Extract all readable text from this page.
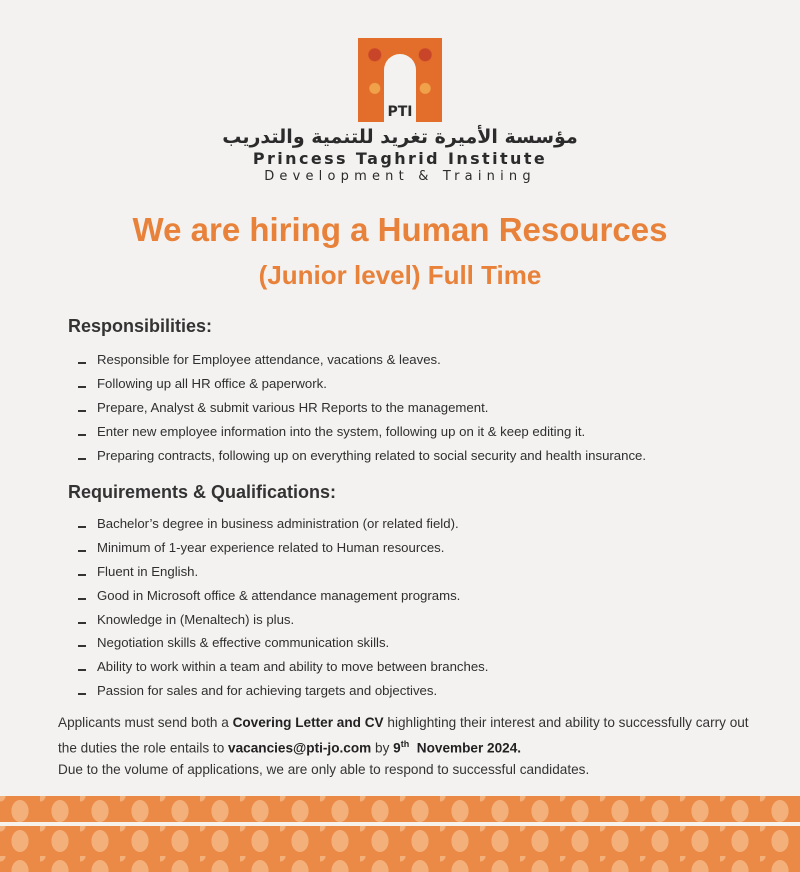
PTI
مؤسسة الأميرة تغريد للتنمية والتدريب
Princess Taghrid Institute
Development & Training
We are hiring a Human Resources
(Junior level) Full Time
Responsibilities:
Responsible for Employee attendance, vacations & leaves.
Following up all HR office & paperwork.
Prepare, Analyst & submit various HR Reports to the management.
Enter new employee information into the system, following up on it & keep editing it.
Preparing contracts, following up on everything related to social security and health insurance.
Requirements & Qualifications:
Bachelor’s degree in business administration (or related field).
Minimum of 1-year experience related to Human resources.
Fluent in English.
Good in Microsoft office & attendance management programs.
Knowledge in (Menaltech) is plus.
Negotiation skills & effective communication skills.
Ability to work within a team and ability to move between branches.
Passion for sales and for achieving targets and objectives.
Applicants must send both a Covering Letter and CV highlighting their interest and ability to successfully carry out the duties the role entails to vacancies@pti-jo.com by 9th November 2024.
Due to the volume of applications, we are only able to respond to successful candidates.
